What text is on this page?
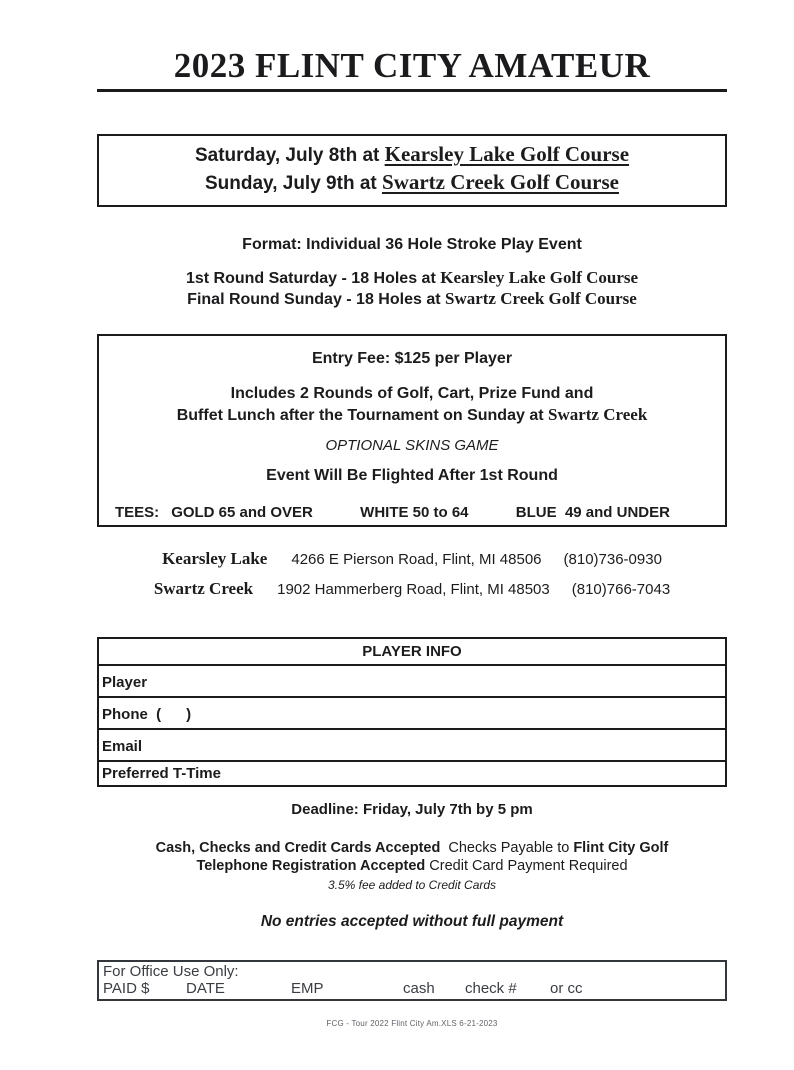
2023 FLINT CITY AMATEUR
Saturday, July 8th at Kearsley Lake Golf Course
Sunday, July 9th at Swartz Creek Golf Course
Format: Individual 36 Hole Stroke Play Event
1st Round Saturday - 18 Holes at Kearsley Lake Golf Course
Final Round Sunday - 18 Holes at Swartz Creek Golf Course
Entry Fee: $125 per Player
Includes 2 Rounds of Golf, Cart, Prize Fund and
Buffet Lunch after the Tournament on Sunday at Swartz Creek
OPTIONAL SKINS GAME
Event Will Be Flighted After 1st Round
TEES: GOLD 65 and OVER	WHITE 50 to 64	BLUE  49 and UNDER
Kearsley Lake 4266 E Pierson Road, Flint, MI 48506 (810)736-0930
Swartz Creek 1902 Hammerberg Road, Flint, MI 48503 (810)766-7043
PLAYER INFO
Player
Phone  (      )
Email
Preferred T-Time
Deadline: Friday, July 7th by 5 pm
Cash, Checks and Credit Cards Accepted  Checks Payable to Flint City Golf
Telephone Registration Accepted Credit Card Payment Required
3.5% fee added to Credit Cards
No entries accepted without full payment
For Office Use Only:
PAID $	DATE	EMP	cash	check #	or cc
FCG - Tour 2022 Flint City Am.XLS 6-21-2023
